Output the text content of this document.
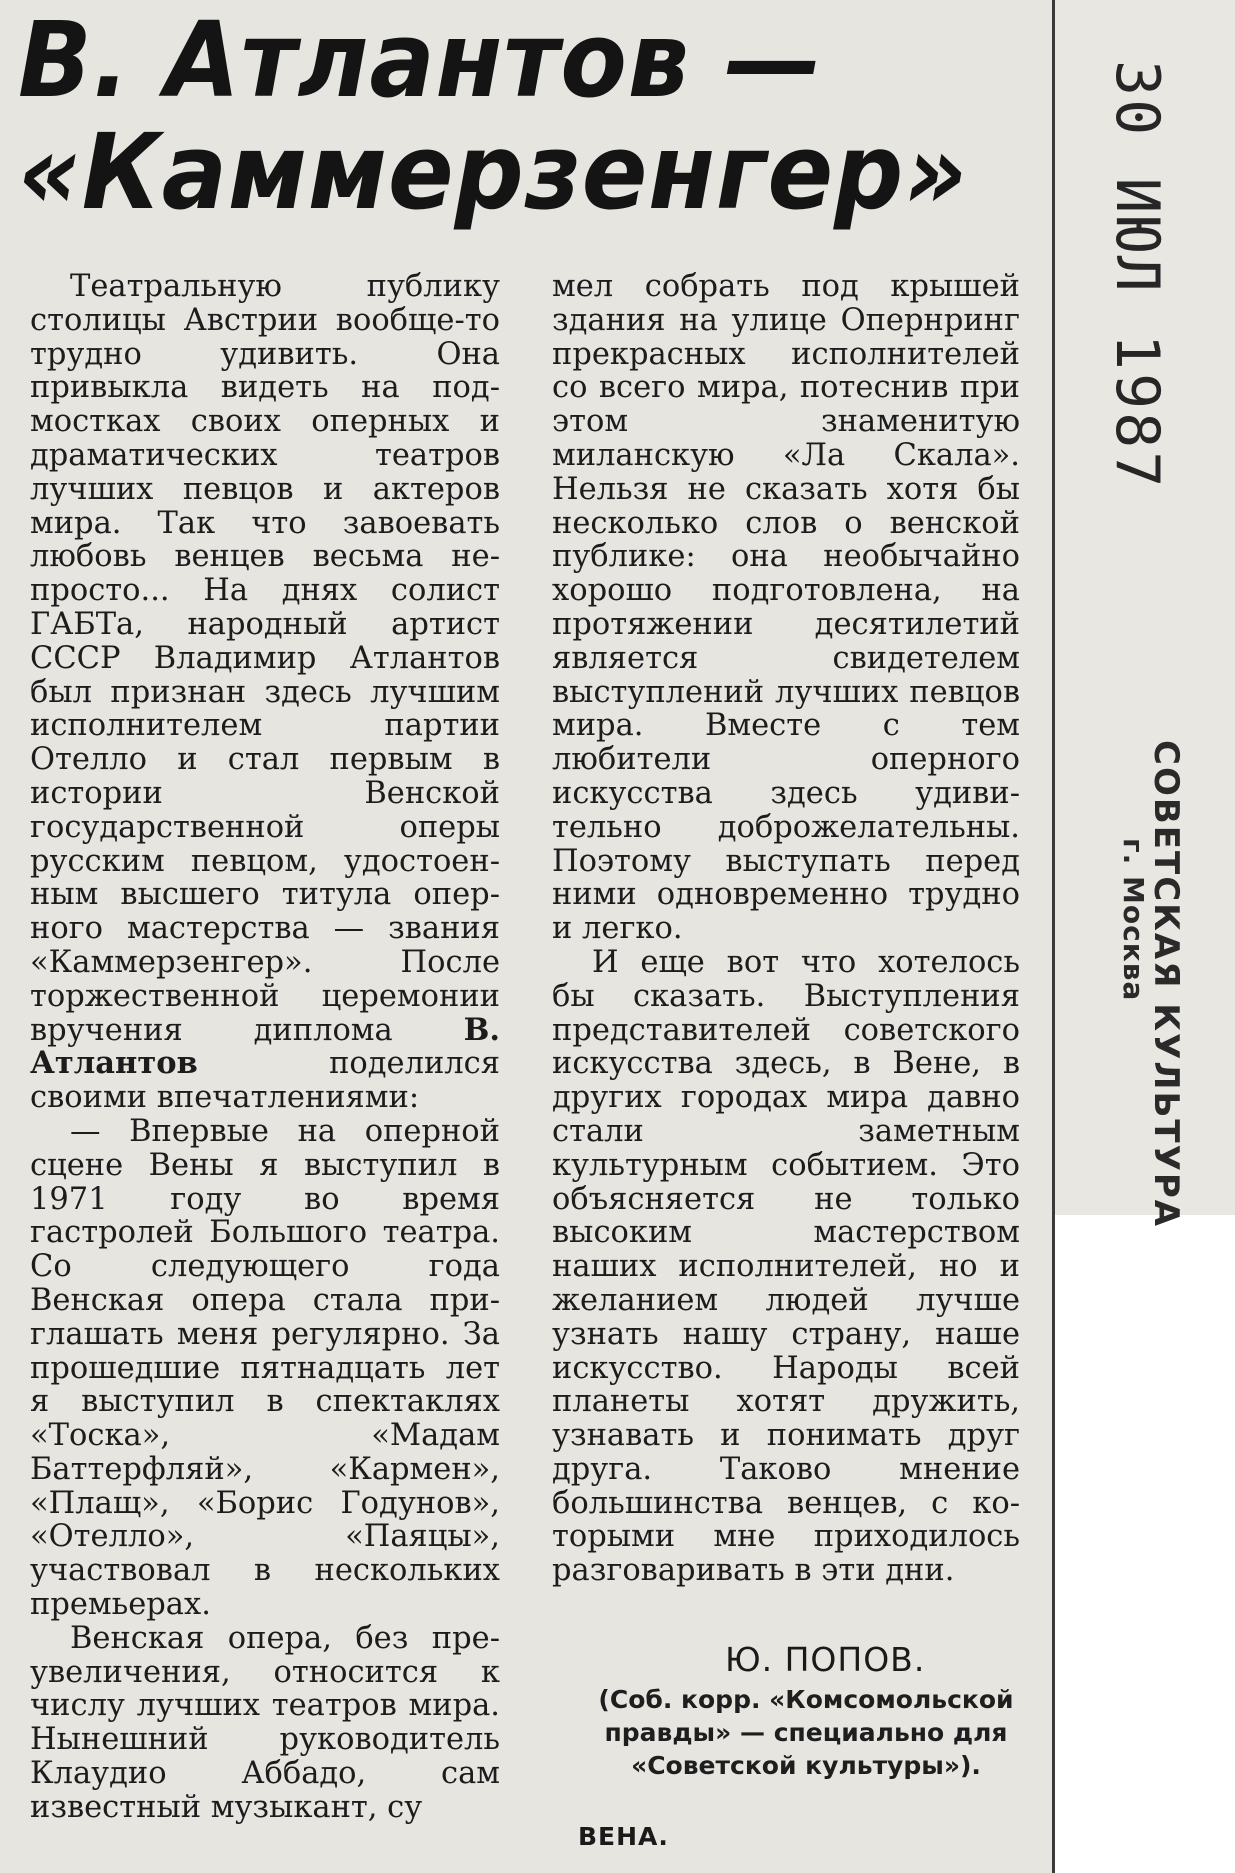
В. Атлантов —
«Каммерзенгер»

Театральную публику столицы Австрии вообще-то трудно удивить. Она привыкла видеть на подмостках своих оперных и драматических театров лучших певцов и актеров мира. Так что завоевать любовь венцев весьма непросто... На днях солист ГАБТа, народный артист СССР Владимир Атлантов был признан здесь лучшим исполнителем партии Отелло и стал первым в истории Венской государственной оперы русским певцом, удостоенным высшего титула оперного мастерства — звания «Каммерзенгер». После торжественной церемонии вручения диплома В. Атлантов поделился своими впечатлениями:

— Впервые на оперной сцене Вены я выступил в 1971 году во время гастролей Большого театра. Со следующего года Венская опера стала приглашать меня регулярно. За прошедшие пятнадцать лет я выступил в спектаклях «Тоска», «Мадам Баттерфляй», «Кармен», «Плащ», «Борис Годунов», «Отелло», «Паяцы», участвовал в нескольких премьерах.

Венская опера, без преувеличения, относится к числу лучших театров мира. Нынешний руководитель Клаудио Аббадо, сам известный музыкант, су

мел собрать под крышей здания на улице Опернринг прекрасных исполнителей со всего мира, потеснив при этом знаменитую миланскую «Ла Скала». Нельзя не сказать хотя бы несколько слов о венской публике: она необычайно хорошо подготовлена, на протяжении десятилетий является свидетелем выступлений лучших певцов мира. Вместе с тем любители оперного искусства здесь удивительно доброжелательны. Поэтому выступать перед ними одновременно трудно и легко.

И еще вот что хотелось бы сказать. Выступления представителей советского искусства здесь, в Вене, в других городах мира давно стали заметным культурным событием. Это объясняется не только высоким мастерством наших исполнителей, но и желанием людей лучше узнать нашу страну, наше искусство. Народы всей планеты хотят дружить, узнавать и понимать друг друга. Таково мнение большинства венцев, с которыми мне приходилось разговаривать в эти дни.

Ю. ПОПОВ.
(Соб. корр. «Комсомольской правды» — специально для «Советской культуры»).
ВЕНА.
30 ИЮЛ 1987
СОВЕТСКАЯ КУЛЬТУРА
г. Москва
